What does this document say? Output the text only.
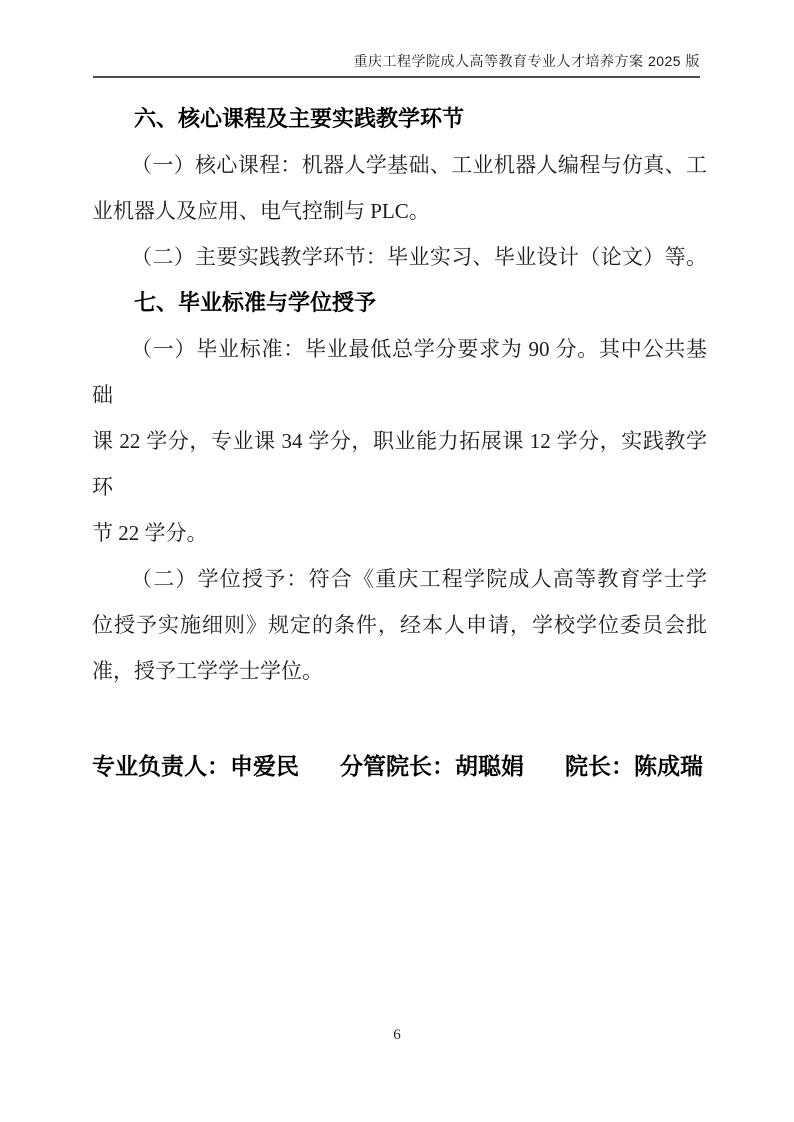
重庆工程学院成人高等教育专业人才培养方案 2025 版
六、核心课程及主要实践教学环节
（一）核心课程：机器人学基础、工业机器人编程与仿真、工
业机器人及应用、电气控制与 PLC。
（二）主要实践教学环节：毕业实习、毕业设计（论文）等。
七、毕业标准与学位授予
（一）毕业标准：毕业最低总学分要求为 90 分。其中公共基础
课 22 学分，专业课 34 学分，职业能力拓展课 12 学分，实践教学环
节 22 学分。
（二）学位授予：符合《重庆工程学院成人高等教育学士学
位授予实施细则》规定的条件，经本人申请，学校学位委员会批
准，授予工学学士学位。
专业负责人：申爱民 分管院长：胡聪娟 院长：陈成瑞
6
